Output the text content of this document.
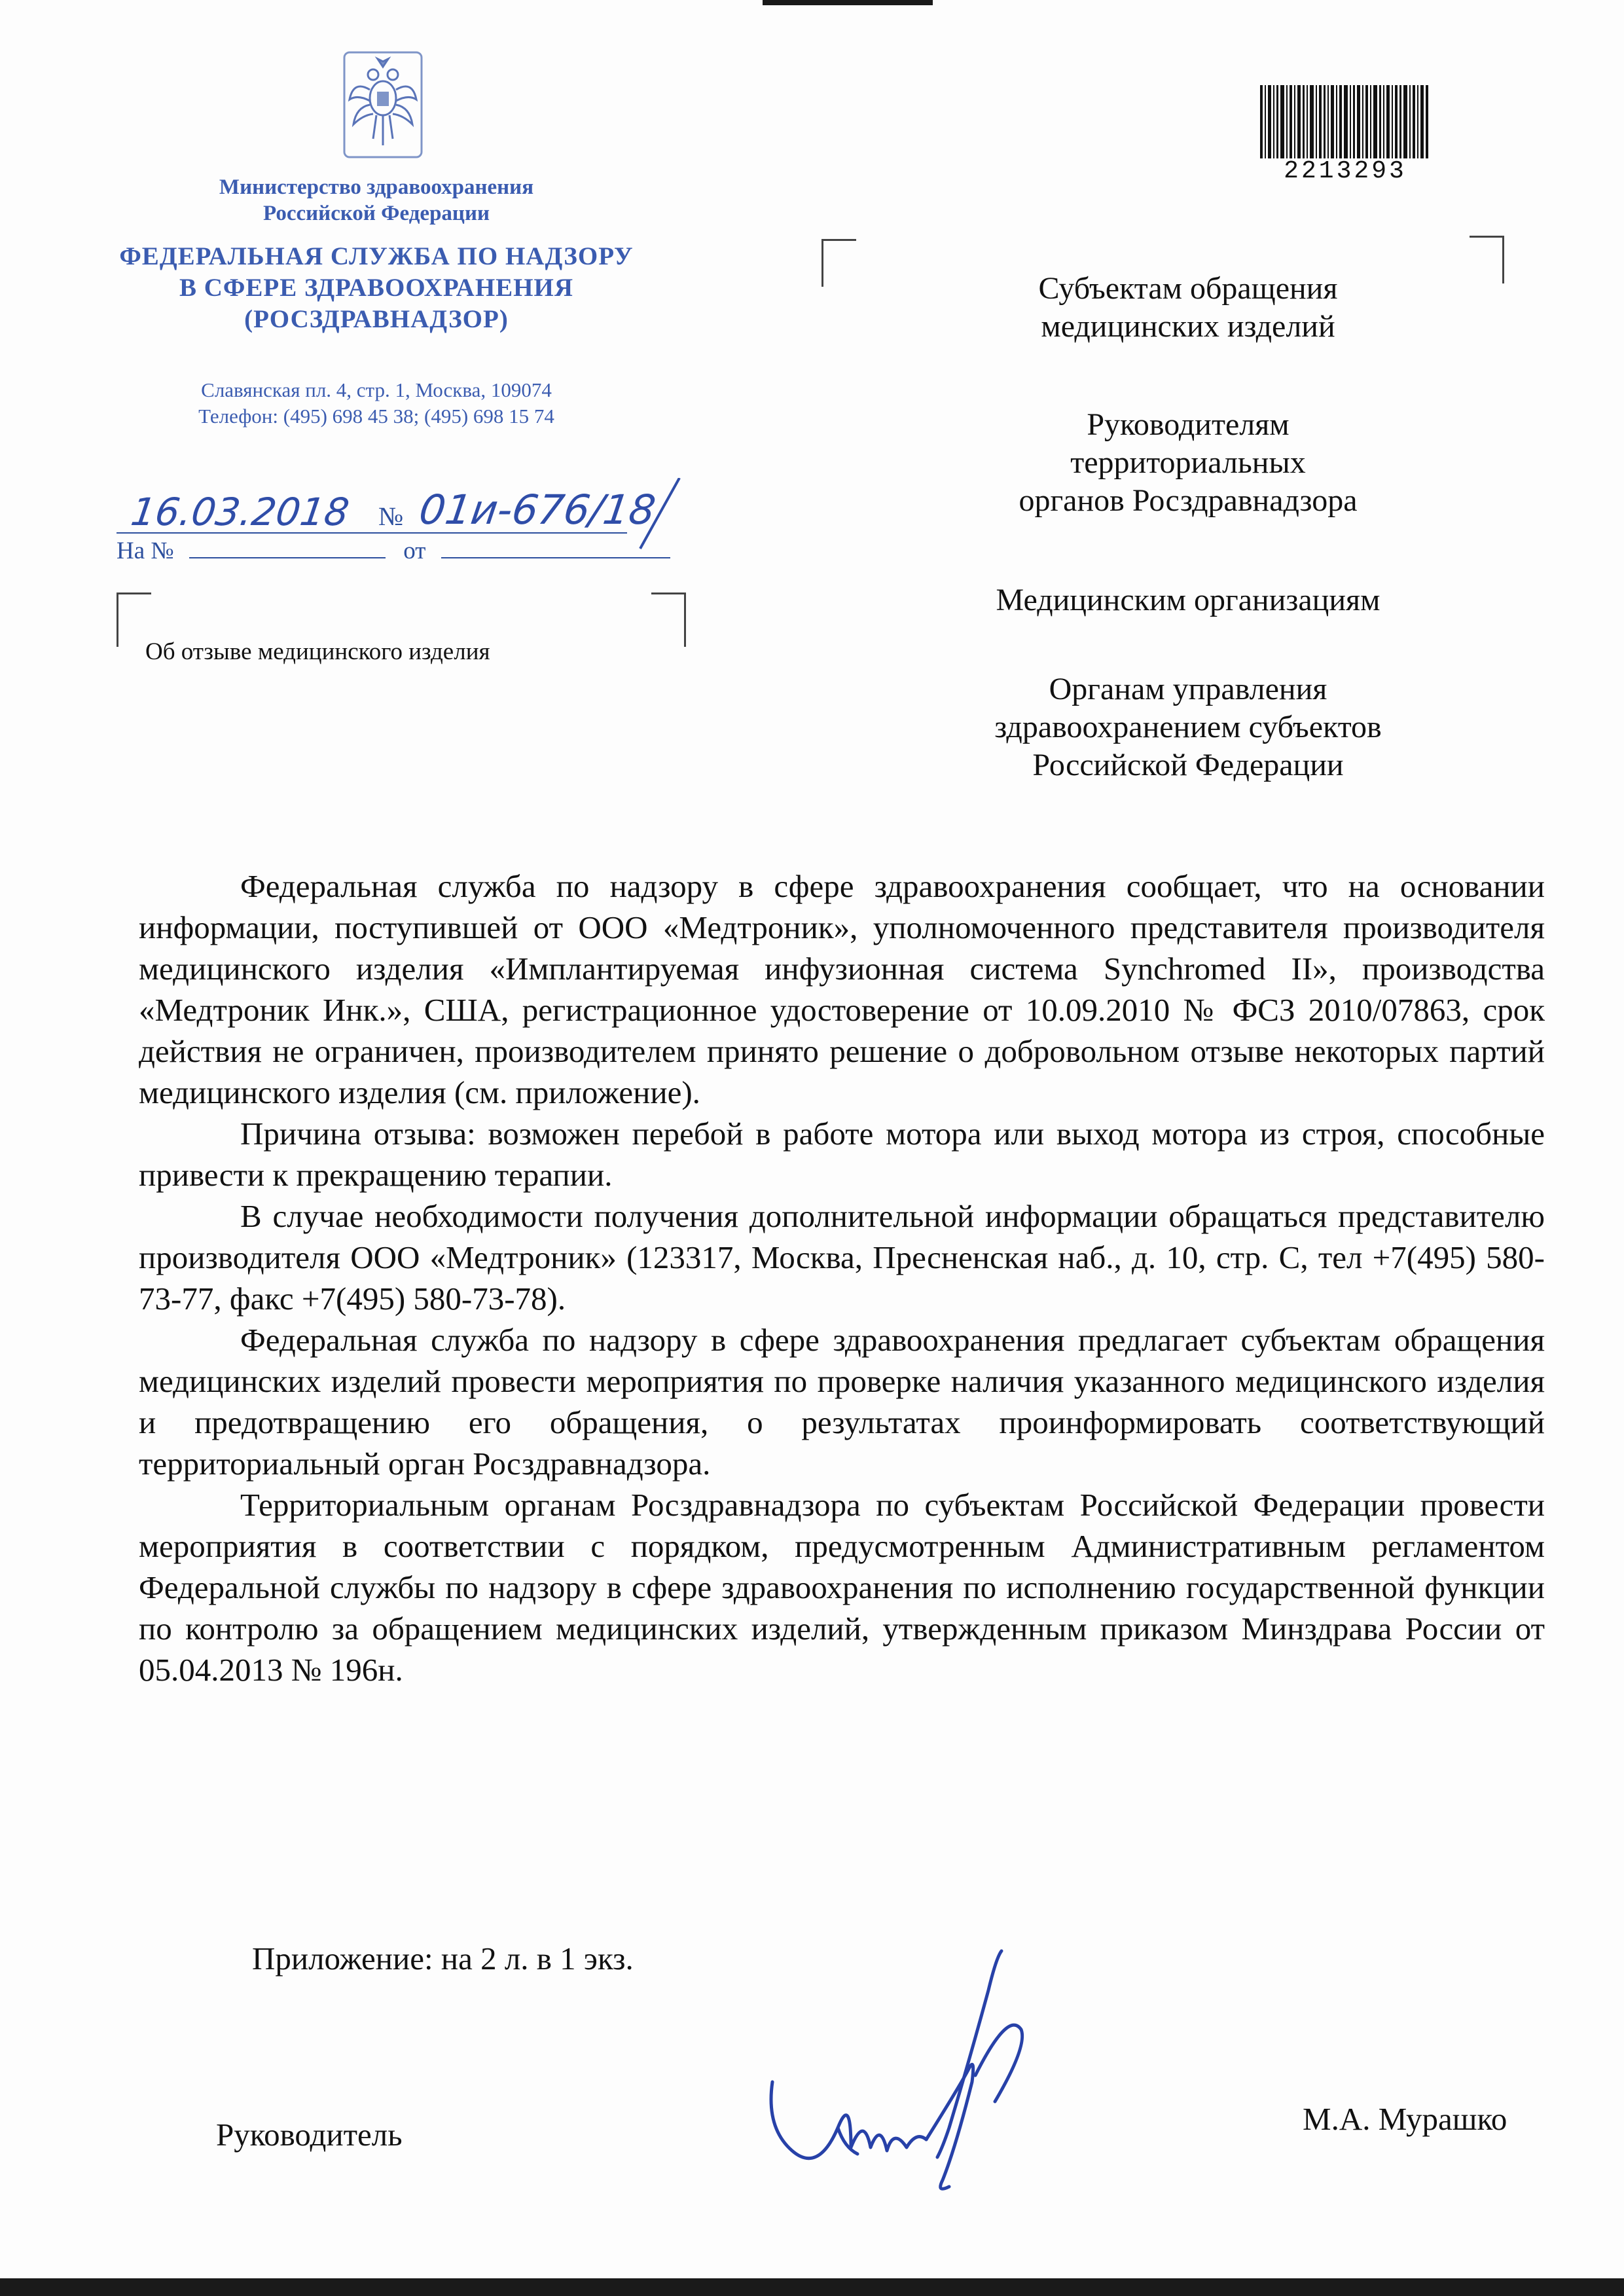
Министерство здравоохранения
Российской Федерации
ФЕДЕРАЛЬНАЯ СЛУЖБА ПО НАДЗОРУ
В СФЕРЕ ЗДРАВООХРАНЕНИЯ
(РОСЗДРАВНАДЗОР)
Славянская пл. 4, стр. 1, Москва, 109074
Телефон: (495) 698 45 38; (495) 698 15 74
16.03.2018 № 01и-676/18
На №	от
Об отзыве медицинского изделия
2213293
Субъектам обращения
медицинских изделий
Руководителям
территориальных
органов Росздравнадзора
Медицинским организациям
Органам управления
здравоохранением субъектов
Российской Федерации

Федеральная служба по надзору в сфере здравоохранения сообщает, что на основании информации, поступившей от ООО «Медтроник», уполномоченного представителя производителя медицинского изделия «Имплантируемая инфузионная система Synchromed II», производства «Медтроник Инк.», США, регистрационное удостоверение от 10.09.2010 № ФСЗ 2010/07863, срок действия не ограничен, производителем принято решение о добровольном отзыве некоторых партий медицинского изделия (см. приложение).

Причина отзыва: возможен перебой в работе мотора или выход мотора из строя, способные привести к прекращению терапии.

В случае необходимости получения дополнительной информации обращаться представителю производителя ООО «Медтроник» (123317, Москва, Пресненская наб., д. 10, стр. С, тел +7(495) 580-73-77, факс +7(495) 580-73-78).

Федеральная служба по надзору в сфере здравоохранения предлагает субъектам обращения медицинских изделий провести мероприятия по проверке наличия указанного медицинского изделия и предотвращению его обращения, о результатах проинформировать соответствующий территориальный орган Росздравнадзора.

Территориальным органам Росздравнадзора по субъектам Российской Федерации провести мероприятия в соответствии с порядком, предусмотренным Административным регламентом Федеральной службы по надзору в сфере здравоохранения по исполнению государственной функции по контролю за обращением медицинских изделий, утвержденным приказом Минздрава России от 05.04.2013 № 196н.

Приложение: на 2 л. в 1 экз.
Руководитель	М.А. Мурашко
